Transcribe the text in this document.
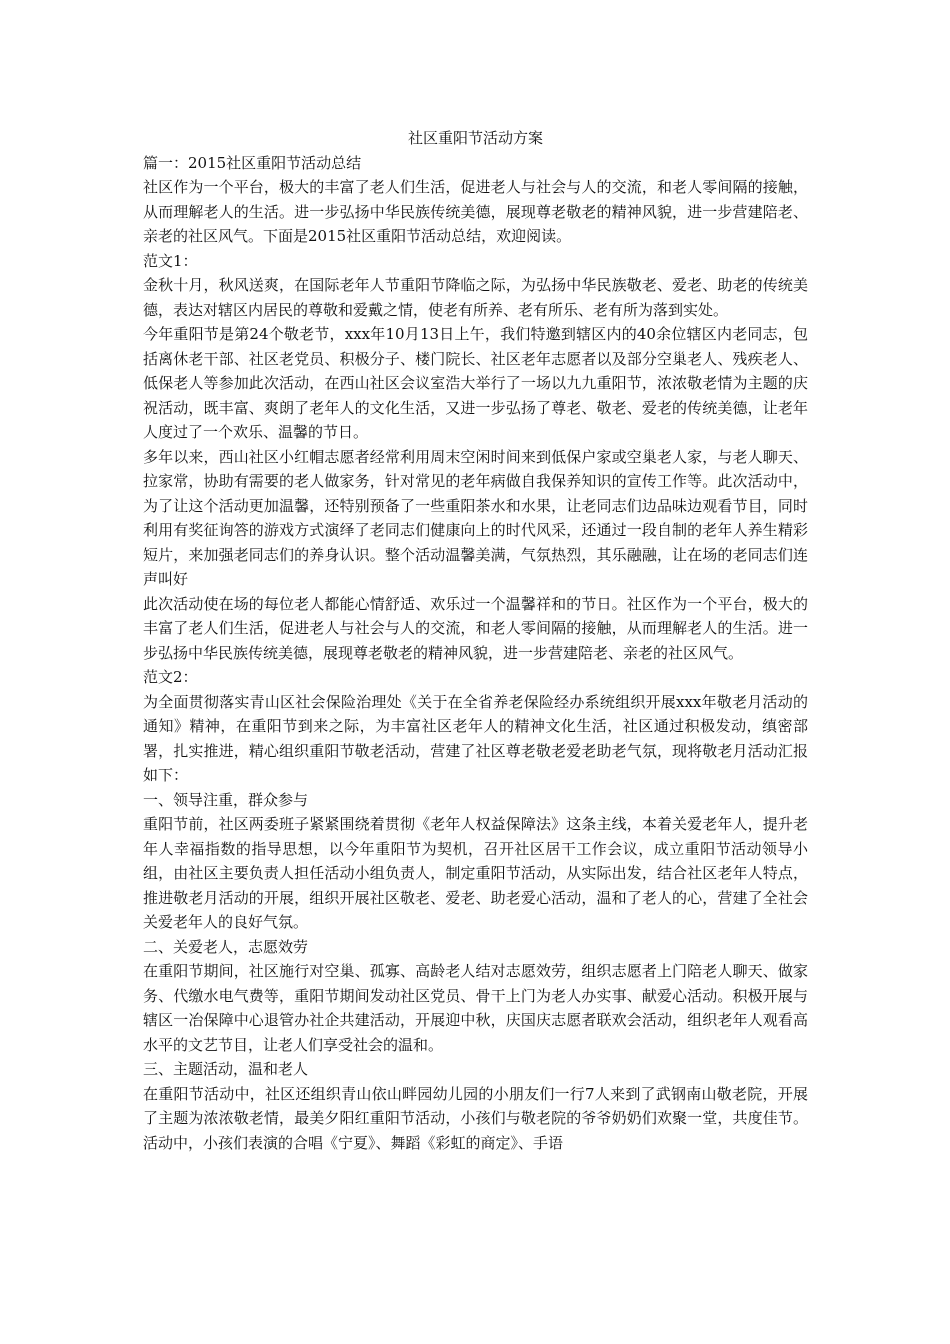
社区重阳节活动方案

篇一：2015社区重阳节活动总结

社区作为一个平台，极大的丰富了老人们生活，促进老人与社会与人的交流，和老人零间隔的接触，从而理解老人的生活。进一步弘扬中华民族传统美德，展现尊老敬老的精神风貌，进一步营建陪老、亲老的社区风气。下面是2015社区重阳节活动总结，欢迎阅读。

范文1：

金秋十月，秋风送爽，在国际老年人节重阳节降临之际，为弘扬中华民族敬老、爱老、助老的传统美德，表达对辖区内居民的尊敬和爱戴之情，使老有所养、老有所乐、老有所为落到实处。

今年重阳节是第24个敬老节，xxx年10月13日上午，我们特邀到辖区内的40余位辖区内老同志，包括离休老干部、社区老党员、积极分子、楼门院长、社区老年志愿者以及部分空巢老人、残疾老人、低保老人等参加此次活动，在西山社区会议室浩大举行了一场以九九重阳节，浓浓敬老情为主题的庆祝活动，既丰富、爽朗了老年人的文化生活，又进一步弘扬了尊老、敬老、爱老的传统美德，让老年人度过了一个欢乐、温馨的节日。

多年以来，西山社区小红帽志愿者经常利用周末空闲时间来到低保户家或空巢老人家，与老人聊天、拉家常，协助有需要的老人做家务，针对常见的老年病做自我保养知识的宣传工作等。此次活动中，为了让这个活动更加温馨，还特别预备了一些重阳茶水和水果，让老同志们边品味边观看节目，同时利用有奖征询答的游戏方式演绎了老同志们健康向上的时代风采，还通过一段自制的老年人养生精彩短片，来加强老同志们的养身认识。整个活动温馨美满，气氛热烈，其乐融融，让在场的老同志们连声叫好

此次活动使在场的每位老人都能心情舒适、欢乐过一个温馨祥和的节日。社区作为一个平台，极大的丰富了老人们生活，促进老人与社会与人的交流，和老人零间隔的接触，从而理解老人的生活。进一步弘扬中华民族传统美德，展现尊老敬老的精神风貌，进一步营建陪老、亲老的社区风气。

范文2：

为全面贯彻落实青山区社会保险治理处《关于在全省养老保险经办系统组织开展xxx年敬老月活动的通知》精神，在重阳节到来之际，为丰富社区老年人的精神文化生活，社区通过积极发动，缜密部署，扎实推进，精心组织重阳节敬老活动，营建了社区尊老敬老爱老助老气氛，现将敬老月活动汇报如下：

一、领导注重，群众参与

重阳节前，社区两委班子紧紧围绕着贯彻《老年人权益保障法》这条主线，本着关爱老年人，提升老年人幸福指数的指导思想，以今年重阳节为契机，召开社区居干工作会议，成立重阳节活动领导小组，由社区主要负责人担任活动小组负责人，制定重阳节活动，从实际出发，结合社区老年人特点，推进敬老月活动的开展，组织开展社区敬老、爱老、助老爱心活动，温和了老人的心，营建了全社会关爱老年人的良好气氛。

二、关爱老人，志愿效劳

在重阳节期间，社区施行对空巢、孤寡、高龄老人结对志愿效劳，组织志愿者上门陪老人聊天、做家务、代缴水电气费等，重阳节期间发动社区党员、骨干上门为老人办实事、献爱心活动。积极开展与辖区一冶保障中心退管办社企共建活动，开展迎中秋，庆国庆志愿者联欢会活动，组织老年人观看高水平的文艺节目，让老人们享受社会的温和。

三、主题活动，温和老人

在重阳节活动中，社区还组织青山依山畔园幼儿园的小朋友们一行7人来到了武钢南山敬老院，开展了主题为浓浓敬老情，最美夕阳红重阳节活动，小孩们与敬老院的爷爷奶奶们欢聚一堂，共度佳节。活动中，小孩们表演的合唱《宁夏》、舞蹈《彩虹的商定》、手语
